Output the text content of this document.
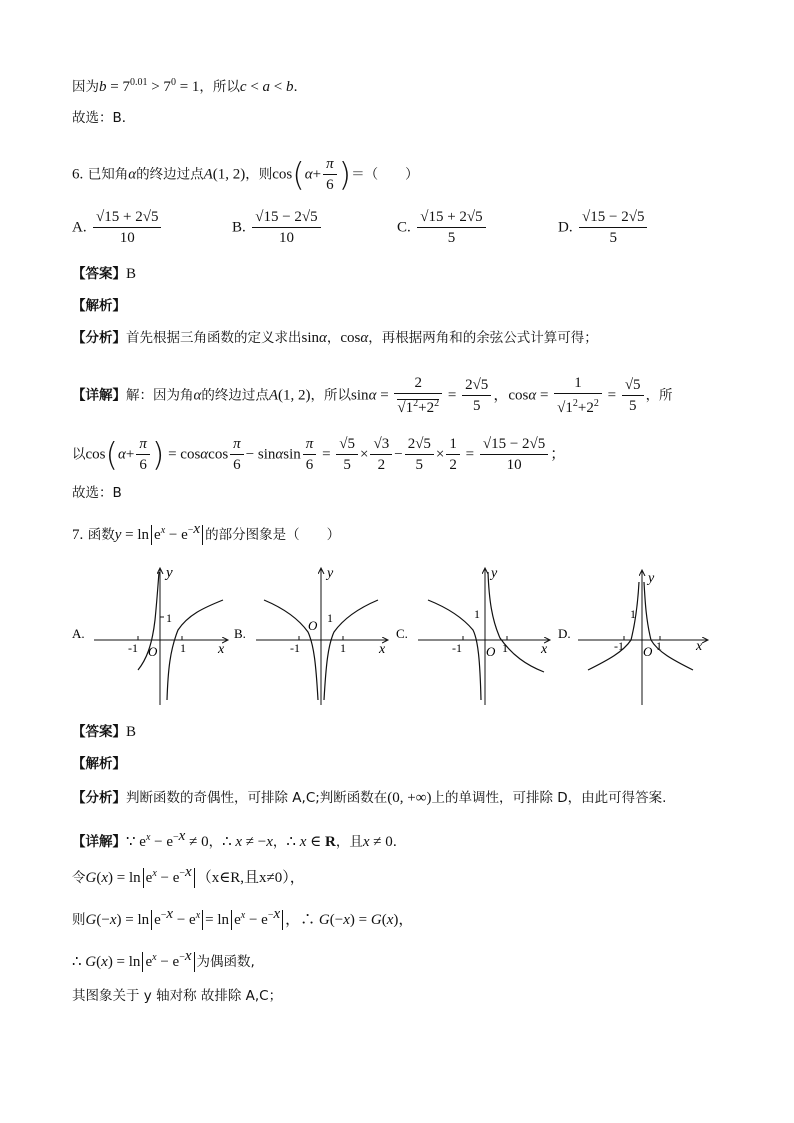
因为$b = 7^{0.01} > 7^0 = 1$，所以c < a < b．
故选：B．
6. 已知角α的终边过点A(1, 2)，则$\cos(\alpha+ \frac{\pi}{6}$ )＝（　　）
A. $\frac{√15 + 2√5}{10}$	B. $\frac{√15 - 2√5}{10}$	C. $\frac{√15 + 2√5}{5}$	D. $\frac{√15 - 2√5}{5}$
【答案】B
【解析】
【分析】首先根据三角函数的定义求出sinα，cosα，再根据两角和的余弦公式计算可得；
【详解】解：因为角α的终边过点A(1, 2)，所以$\sin\alpha = \frac{2}{√1^2+2^2} = \frac{2√5}{5}$ ，$\cos\alpha = \frac{1}{√1^2+2^2} = \frac{√5}{5}$ ，所
以$\cos(\alpha+ \frac{\pi}{6}$ ) = cosαcos $\frac{\pi}{6} - \sin\alpha\sin \frac{\pi}{6} = \frac{√5}{5} \times \frac{√3}{2} - \frac{2√5}{5} \times \frac{1}{2} = \frac{√15 - 2√5}{10}$ ；
故选：B
7. 函数$y = \ln e^x - e^{-x}$ 的部分图象是（　　）
A.
y
x
O
-1	1
1
B.
y
x
O
-1	1
1
C.
y
x
O
-1	1
1
D.
y
x
O
-1	1
1
【答案】B
【解析】
【分析】判断函数的奇偶性，可排除 A,C;判断函数在(0, +∞)上的单调性，可排除 D，由此可得答案.
【详解】∵ $e^x - e^{-x} \ne 0$，∴ x ≠ −x，∴ x ∈ R，且x ≠ 0．
令$G(x) = \ln e^x - e^{-x}$ （x∈R,且x≠0），
则$G(-x) = \ln e^{-x} - e^x = \ln e^x - e^{-x}$ ，∴ G(−x) = G(x)，
∴ $G(x) = \ln e^x - e^{-x}$ 为偶函数,
其图象关于 y 轴对称 故排除 A,C；
